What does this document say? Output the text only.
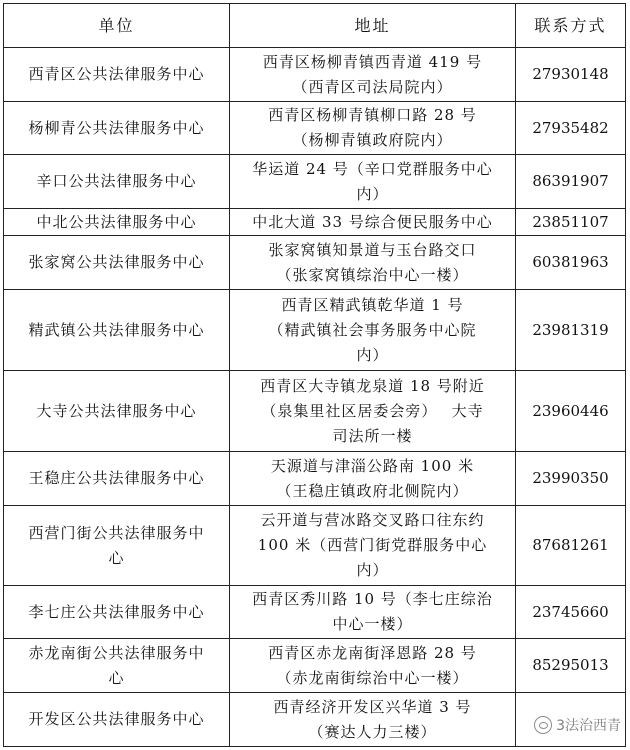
单位	地址	联系方式

西青区公共法律服务中心	西青区杨柳青镇西青道 419 号
（西青区司法局院内）	27930148

杨柳青公共法律服务中心	西青区杨柳青镇柳口路 28 号
（杨柳青镇政府院内）	27935482

辛口公共法律服务中心	华运道 24 号（辛口党群服务中心
内）	86391907

中北公共法律服务中心	中北大道 33 号综合便民服务中心	23851107

张家窝公共法律服务中心	张家窝镇知景道与玉台路交口
（张家窝镇综治中心一楼）	60381963

精武镇公共法律服务中心	西青区精武镇乾华道 1 号
（精武镇社会事务服务中心院
内）	23981319

大寺公共法律服务中心	西青区大寺镇龙泉道 18 号附近
（泉集里社区居委会旁）　 大寺
司法所一楼	23960446

王稳庄公共法律服务中心	天源道与津淄公路南 100 米
（王稳庄镇政府北侧院内）	23990350

西营门街公共法律服务中
心	云开道与营冰路交叉路口往东约
100 米（西营门街党群服务中心
内）	87681261

李七庄公共法律服务中心	西青区秀川路 10 号（李七庄综治
中心一楼）	23745660

赤龙南街公共法律服务中
心	西青区赤龙南街泽恩路 28 号
（赤龙南街综治中心一楼）	85295013

开发区公共法律服务中心	西青经济开发区兴华道 3 号
（赛达人力三楼）	
		3法治西青
